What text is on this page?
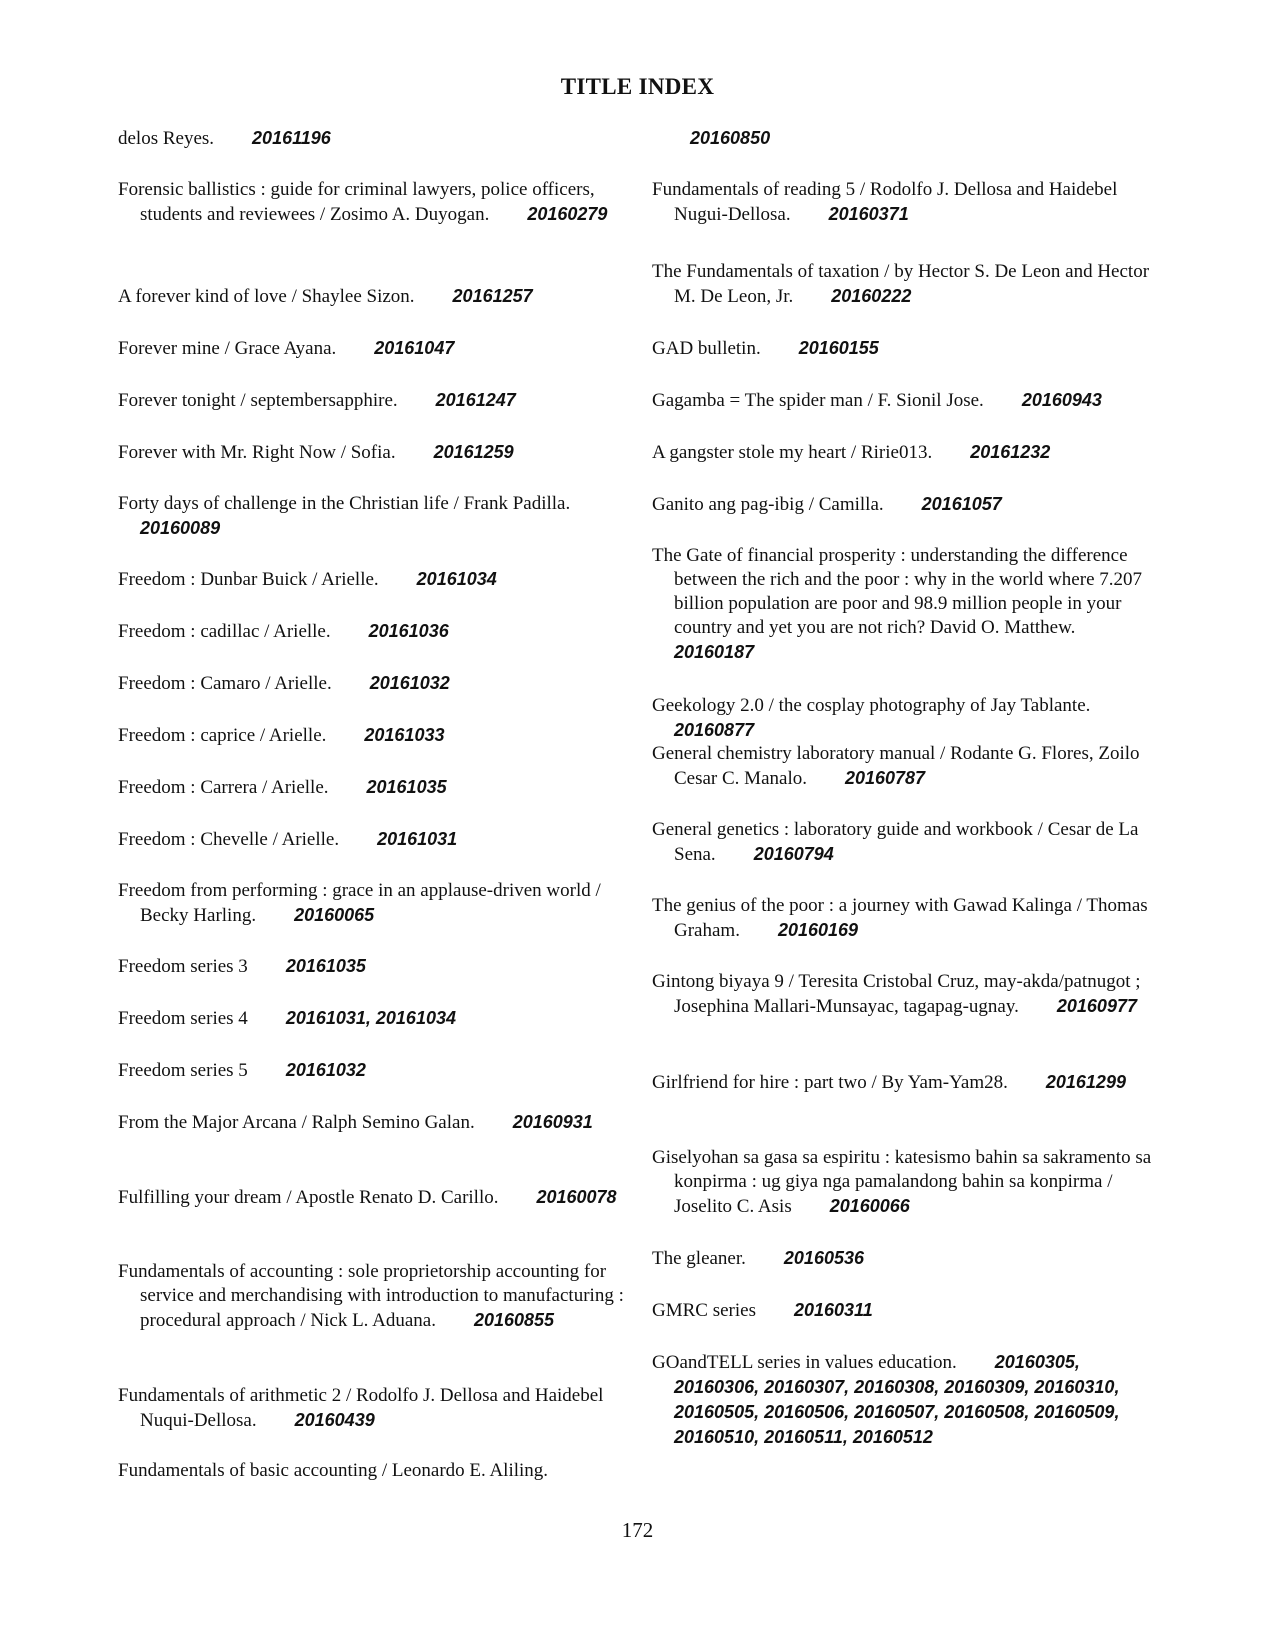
TITLE INDEX
delos Reyes.   20161196
Forensic ballistics : guide for criminal lawyers, police officers, students and reviewees / Zosimo A. Duyogan.   20160279
A forever kind of love / Shaylee Sizon.   20161257
Forever mine / Grace Ayana.   20161047
Forever tonight / septembersapphire.   20161247
Forever with Mr. Right Now / Sofia.   20161259
Forty days of challenge in the Christian life / Frank Padilla.  20160089
Freedom : Dunbar Buick / Arielle.   20161034
Freedom : cadillac / Arielle.   20161036
Freedom : Camaro / Arielle.   20161032
Freedom : caprice / Arielle.   20161033
Freedom : Carrera / Arielle.   20161035
Freedom : Chevelle / Arielle.   20161031
Freedom from performing : grace in an applause-driven world / Becky Harling.   20160065
Freedom series 3   20161035
Freedom series 4   20161031, 20161034
Freedom series 5   20161032
From the Major Arcana / Ralph Semino Galan.   20160931
Fulfilling your dream / Apostle Renato D. Carillo.   20160078
Fundamentals of accounting : sole proprietorship accounting for service and merchandising with introduction to manufacturing : procedural approach / Nick L. Aduana.   20160855
Fundamentals of arithmetic 2 / Rodolfo J. Dellosa and Haidebel Nuqui-Dellosa.   20160439
Fundamentals of basic accounting / Leonardo E. Aliling.
  20160850
Fundamentals of reading 5 / Rodolfo J. Dellosa and Haidebel Nugui-Dellosa.   20160371
The Fundamentals of taxation / by Hector S. De Leon and Hector M. De Leon, Jr.   20160222
GAD bulletin.   20160155
Gagamba = The spider man / F. Sionil Jose.   20160943
A gangster stole my heart / Ririe013.   20161232
Ganito ang pag-ibig / Camilla.   20161057
The Gate of financial prosperity : understanding the difference between the rich and the poor : why in the world where 7.207 billion population are poor and 98.9 million people in your country and yet you are not rich? David O. Matthew.  20160187
Geekology 2.0 / the cosplay photography of Jay Tablante.  20160877
General chemistry laboratory manual / Rodante G. Flores, Zoilo Cesar C. Manalo.   20160787
General genetics : laboratory guide and workbook / Cesar de La Sena.   20160794
The genius of the poor : a journey with Gawad Kalinga / Thomas Graham.   20160169
Gintong biyaya 9 / Teresita Cristobal Cruz, may-akda/patnugot ; Josephina Mallari-Munsayac, tagapag-ugnay.   20160977
Girlfriend for hire : part two / By Yam-Yam28.   20161299
Giselyohan sa gasa sa espiritu : katesismo bahin sa sakramento sa konpirma : ug giya nga pamalandong bahin sa konpirma / Joselito C. Asis   20160066
The gleaner.   20160536
GMRC series   20160311
GOandTELL series in values education.   20160305, 20160306, 20160307, 20160308, 20160309, 20160310, 20160505, 20160506, 20160507, 20160508, 20160509, 20160510, 20160511, 20160512
172
